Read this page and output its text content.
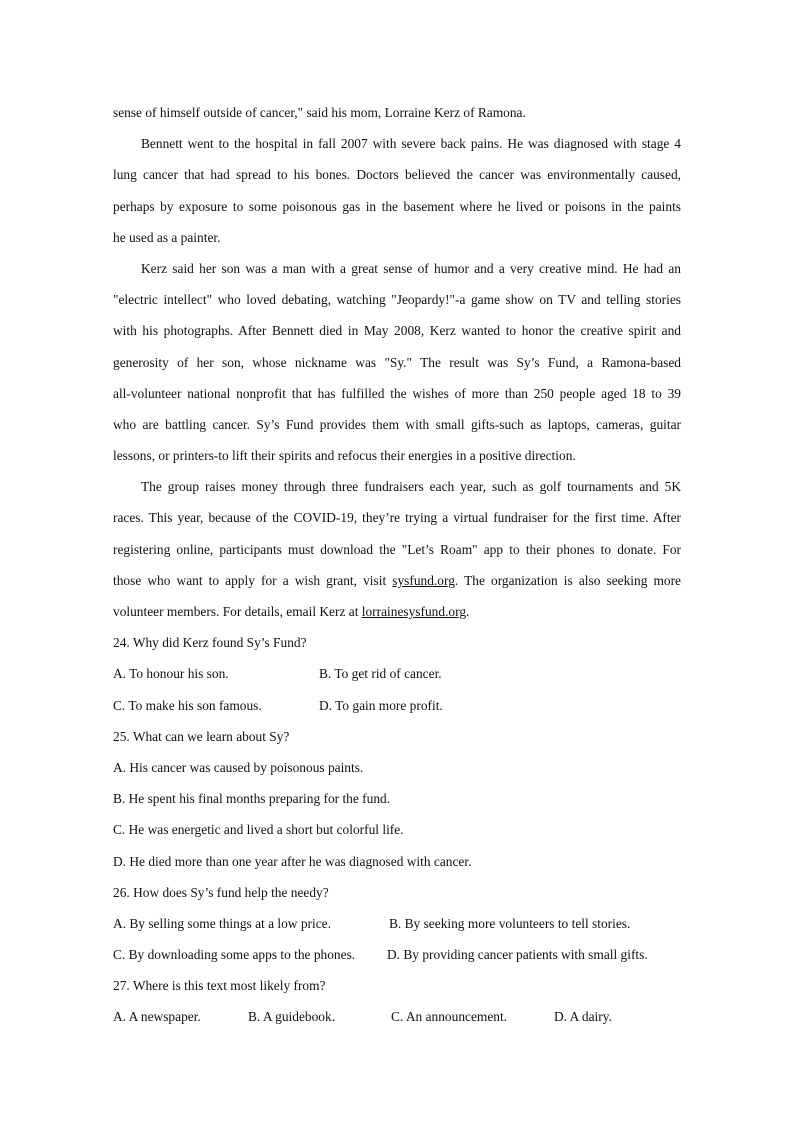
sense of himself outside of cancer," said his mom, Lorraine Kerz of Ramona.
Bennett went to the hospital in fall 2007 with severe back pains. He was diagnosed with stage 4
lung cancer that had spread to his bones. Doctors believed the cancer was environmentally caused,
perhaps by exposure to some poisonous gas in the basement where he lived or poisons in the paints
he used as a painter.
Kerz said her son was a man with a great sense of humor and a very creative mind. He had an
"electric intellect" who loved debating, watching "Jeopardy!"-a game show on TV and telling stories
with his photographs. After Bennett died in May 2008, Kerz wanted to honor the creative spirit and
generosity of her son, whose nickname was "Sy." The result was Sy’s Fund, a Ramona-based
all-volunteer national nonprofit that has fulfilled the wishes of more than 250 people aged 18 to 39
who are battling cancer. Sy’s Fund provides them with small gifts-such as laptops, cameras, guitar
lessons, or printers-to lift their spirits and refocus their energies in a positive direction.
The group raises money through three fundraisers each year, such as golf tournaments and 5K
races. This year, because of the COVID-19, they’re trying a virtual fundraiser for the first time. After
registering online, participants must download the "Let’s Roam" app to their phones to donate. For
those who want to apply for a wish grant, visit sysfund.org. The organization is also seeking more
volunteer members. For details, email Kerz at lorrainesysfund.org.
24. Why did Kerz found Sy’s Fund?
A. To honour his son.	B. To get rid of cancer.
C. To make his son famous.	D. To gain more profit.
25. What can we learn about Sy?
A. His cancer was caused by poisonous paints.
B. He spent his final months preparing for the fund.
C. He was energetic and lived a short but colorful life.
D. He died more than one year after he was diagnosed with cancer.
26. How does Sy’s fund help the needy?
A. By selling some things at a low price.	B. By seeking more volunteers to tell stories.
C. By downloading some apps to the phones. D. By providing cancer patients with small gifts.
27. Where is this text most likely from?
A. A newspaper.	B. A guidebook.	C. An announcement.	D. A dairy.
